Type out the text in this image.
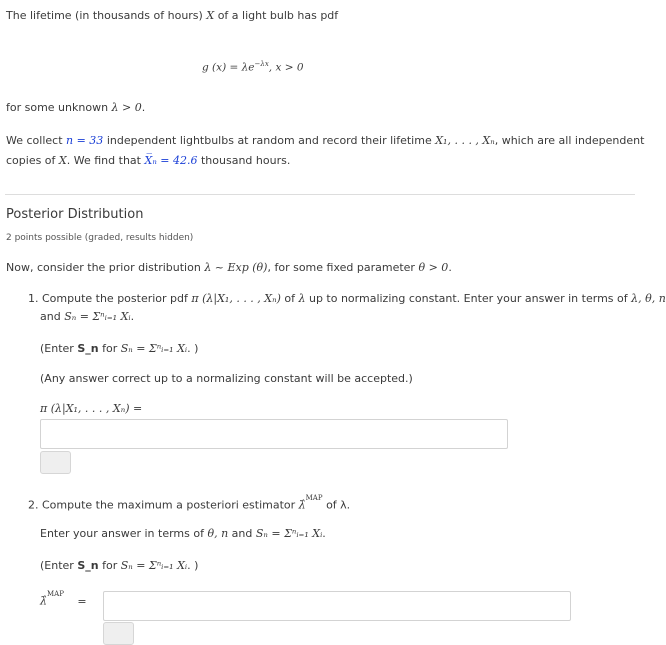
The lifetime (in thousands of hours) X of a light bulb has pdf
g $(x) = \lambda e^{-\lambda x}$, x > 0
for some unknown λ > 0.
We collect n = 33 independent lightbulbs at random and record their lifetime X₁, . . . , Xₙ, which are all independent
copies of X. We find that X̅ₙ = 42.6 thousand hours.
Posterior Distribution
2 points possible (graded, results hidden)
Now, consider the prior distribution λ ~ Exp (θ), for some fixed parameter θ > 0.
1. Compute the posterior pdf π (λ|X₁, . . . , Xₙ) of λ up to normalizing constant. Enter your answer in terms of λ, θ, n
and Sₙ = Σⁿᵢ₌₁ Xᵢ.
(Enter S_n for Sₙ = Σⁿᵢ₌₁ Xᵢ. )
(Any answer correct up to a normalizing constant will be accepted.)
π (λ|X₁, . . . , Xₙ) =
2. Compute the maximum a posteriori estimator λ̂$^{MAP}$ of λ.
Enter your answer in terms of θ, n and Sₙ = Σⁿᵢ₌₁ Xᵢ.
(Enter S_n for Sₙ = Σⁿᵢ₌₁ Xᵢ. )
λ̂$^{MAP}$ =
